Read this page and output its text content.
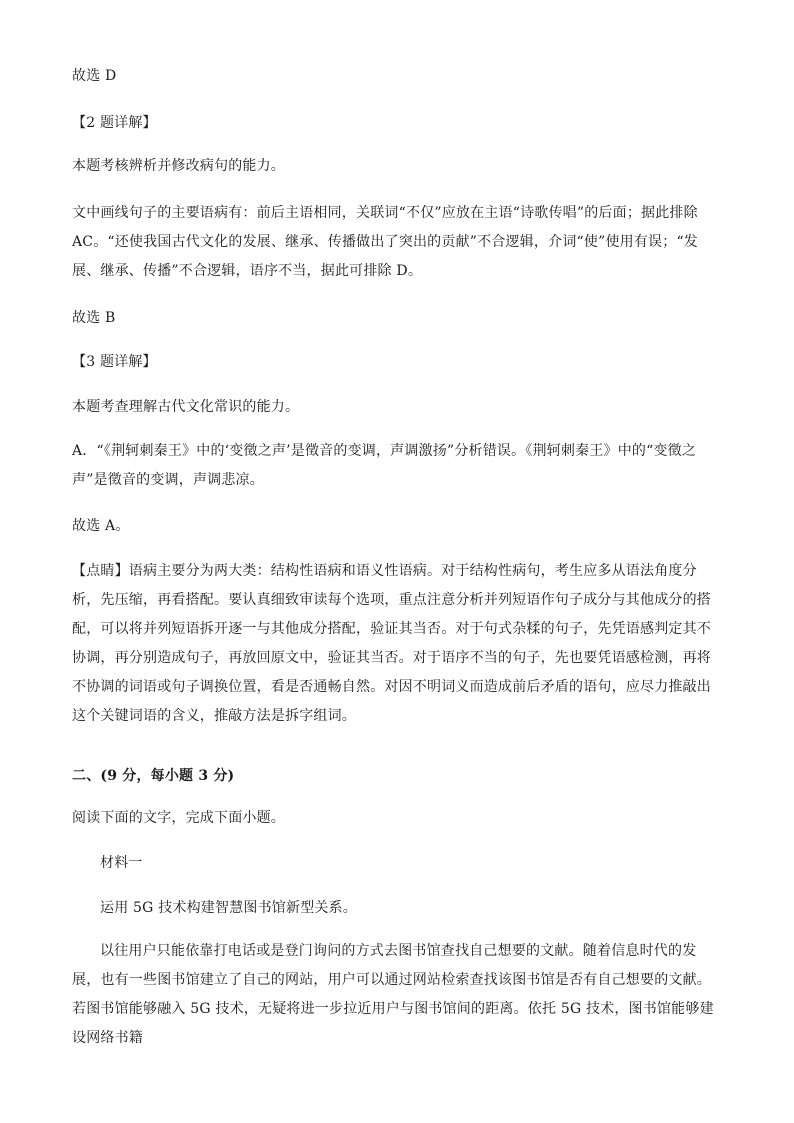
故选 D

【2 题详解】

本题考核辨析并修改病句的能力。

文中画线句子的主要语病有：前后主语相同，关联词“不仅”应放在主语“诗歌传唱”的后面；据此排除 AC。“还使我国古代文化的发展、继承、传播做出了突出的贡献”不合逻辑，介词“使”使用有误；“发展、继承、传播”不合逻辑，语序不当，据此可排除 D。

故选 B

【3 题详解】

本题考查理解古代文化常识的能力。

A．“《荆轲刺秦王》中的‘变徵之声’是徵音的变调，声调激扬”分析错误。《荆轲刺秦王》中的“变徵之声”是徵音的变调，声调悲凉。

故选 A。

【点睛】语病主要分为两大类：结构性语病和语义性语病。对于结构性病句，考生应多从语法角度分析，先压缩，再看搭配。要认真细致审读每个选项，重点注意分析并列短语作句子成分与其他成分的搭配，可以将并列短语拆开逐一与其他成分搭配，验证其当否。对于句式杂糅的句子，先凭语感判定其不协调，再分别造成句子，再放回原文中，验证其当否。对于语序不当的句子，先也要凭语感检测，再将不协调的词语或句子调换位置，看是否通畅自然。对因不明词义而造成前后矛盾的语句，应尽力推敲出这个关键词语的含义，推敲方法是拆字组词。

二、(9 分，每小题 3 分)

阅读下面的文字，完成下面小题。

材料一

运用 5G 技术构建智慧图书馆新型关系。

以往用户只能依靠打电话或是登门询问的方式去图书馆查找自己想要的文献。随着信息时代的发展，也有一些图书馆建立了自己的网站，用户可以通过网站检索查找该图书馆是否有自己想要的文献。若图书馆能够融入 5G 技术，无疑将进一步拉近用户与图书馆间的距离。依托 5G 技术，图书馆能够建设网络书籍
